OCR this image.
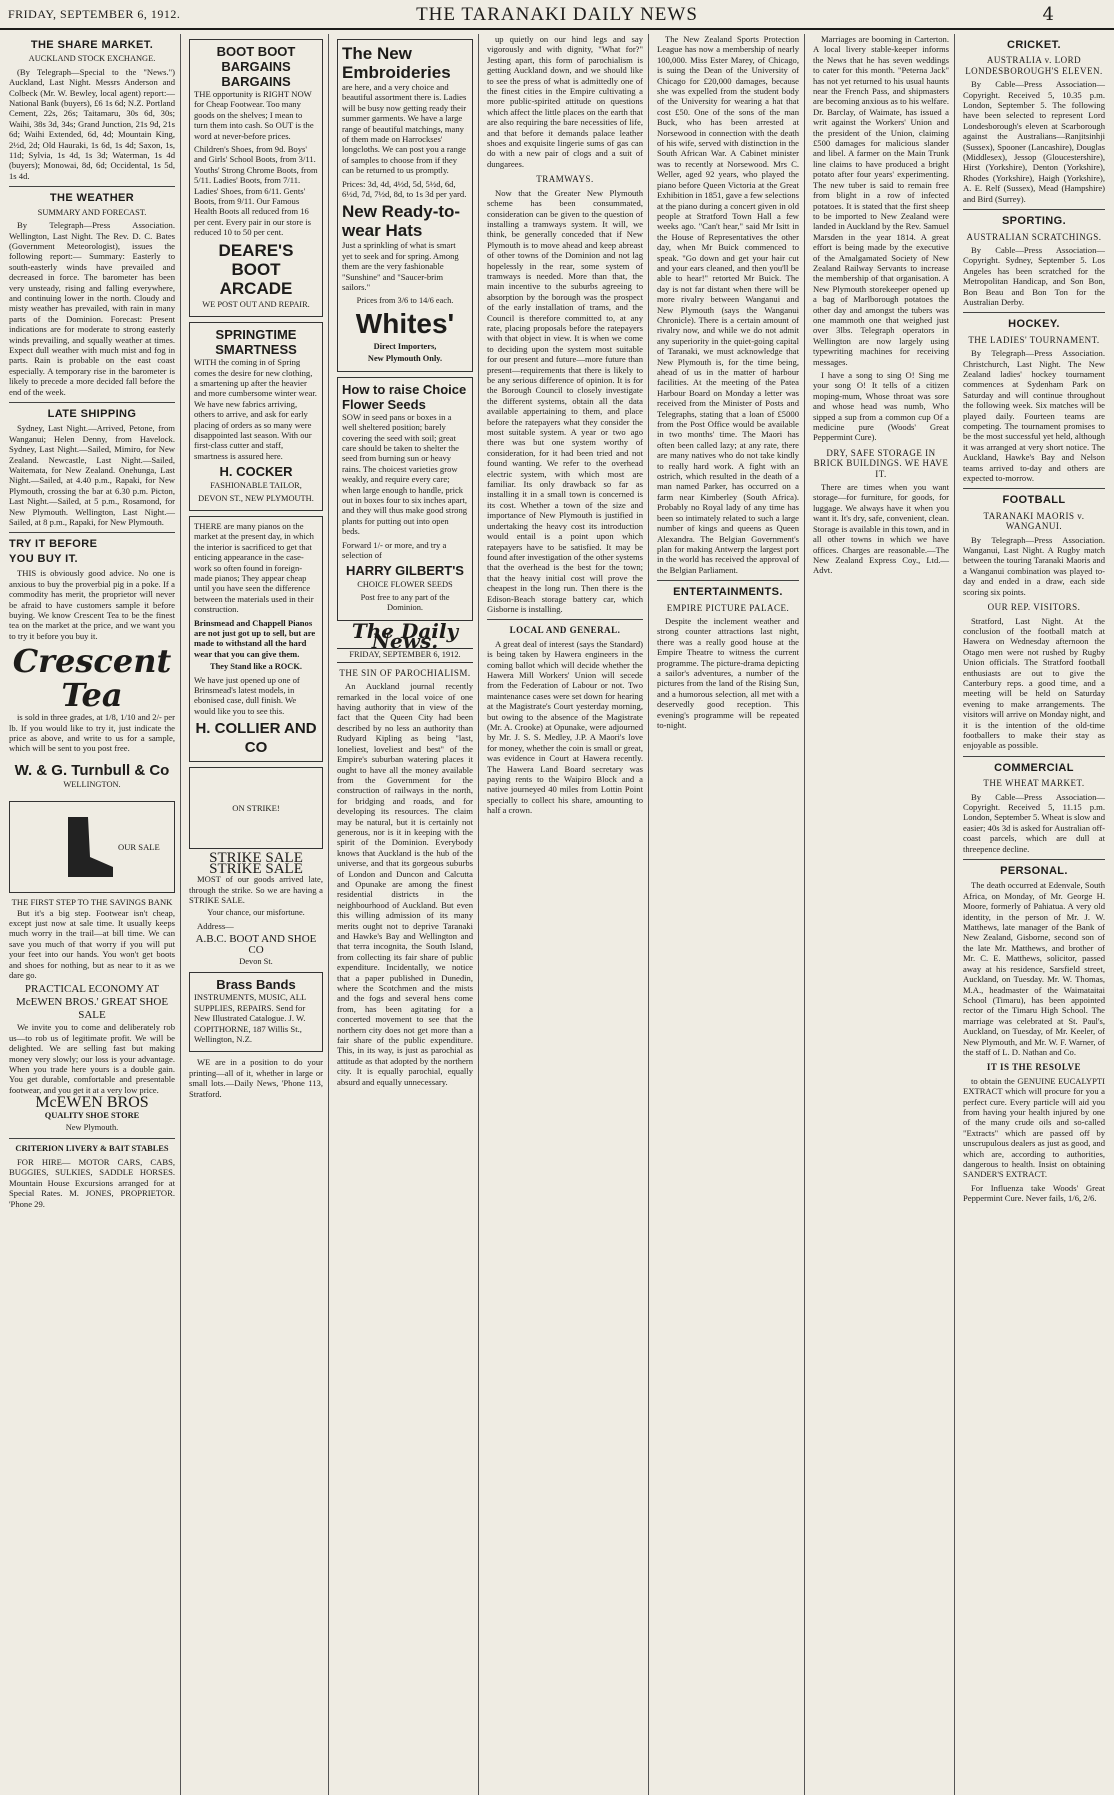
FRIDAY, SEPTEMBER 6, 1912.	THE TARANAKI DAILY NEWS	4
THE SHARE MARKET.
AUCKLAND STOCK EXCHANGE.

(By Telegraph—Special to the "News.") Auckland, Last Night. Messrs Anderson and Colbeck (Mr. W. Bewley, local agent) report:— National Bank (buyers), £6 1s 6d; N.Z. Portland Cement, 22s, 26s; Taitamaru, 30s 6d, 30s; Waihi, 38s 3d, 34s; Grand Junction, 21s 9d, 21s 6d; Waihi Extended, 6d, 4d; Mountain King, 2½d, 2d; Old Hauraki, 1s 6d, 1s 4d; Saxon, 1s, 11d; Sylvia, 1s 4d, 1s 3d; Waterman, 1s 4d (buyers); Monowai, 8d, 6d; Occidental, 1s 5d, 1s 4d.

THE WEATHER
SUMMARY AND FORECAST.

By Telegraph—Press Association. Wellington, Last Night. The Rev. D. C. Bates (Government Meteorologist), issues the following report:— Summary: Easterly to south-easterly winds have prevailed and decreased in force. The barometer has been very unsteady, rising and falling everywhere, and continuing lower in the north. Cloudy and misty weather has prevailed, with rain in many parts of the Dominion. Forecast: Present indications are for moderate to strong easterly winds prevailing, and squally weather at times. Expect dull weather with much mist and fog in parts. Rain is probable on the east coast especially. A temporary rise in the barometer is likely to precede a more decided fall before the end of the week.

LATE SHIPPING

Sydney, Last Night.—Arrived, Petone, from Wanganui; Helen Denny, from Havelock. Sydney, Last Night.—Sailed, Mimiro, for New Zealand. Newcastle, Last Night.—Sailed, Waitemata, for New Zealand. Onehunga, Last Night.—Sailed, at 4.40 p.m., Rapaki, for New Plymouth, crossing the bar at 6.30 p.m. Picton, Last Night.—Sailed, at 5 p.m., Rosamond, for New Plymouth. Wellington, Last Night.—Sailed, at 8 p.m., Rapaki, for New Plymouth.

TRY IT BEFORE
YOU BUY IT.

THIS is obviously good advice. No one is anxious to buy the proverbial pig in a poke. If a commodity has merit, the proprietor will never be afraid to have customers sample it before buying. We know Crescent Tea to be the finest tea on the market at the price, and we want you to try it before you buy it.

Crescent Tea

is sold in three grades, at 1/8, 1/10 and 2/- per lb. If you would like to try it, just indicate the price as above, and write to us for a sample, which will be sent to you post free.

W. & G. Turnbull & Co
WELLINGTON.
OUR SALE
THE FIRST STEP TO THE SAVINGS BANK

But it's a big step. Footwear isn't cheap, except just now at sale time. It usually keeps much worry in the trail—at bill time. We can save you much of that worry if you will put your feet into our hands. You won't get boots and shoes for nothing, but as near to it as we dare go.

PRACTICAL ECONOMY AT McEWEN BROS.' GREAT SHOE SALE

We invite you to come and deliberately rob us—to rob us of legitimate profit. We will be delighted. We are selling fast but making money very slowly; our loss is your advantage. When you trade here yours is a double gain. You get durable, comfortable and presentable footwear, and you get it at a very low price.

McEWEN BROS
QUALITY SHOE STORE
New Plymouth.
CRITERION LIVERY & BAIT STABLES

FOR HIRE— MOTOR CARS, CABS, BUGGIES, SULKIES, SADDLE HORSES. Mountain House Excursions arranged for at Special Rates. M. JONES, PROPRIETOR. 'Phone 29.

BOOT BOOT BARGAINS BARGAINS

THE opportunity is RIGHT NOW for Cheap Footwear. Too many goods on the shelves; I mean to turn them into cash. So OUT is the word at never-before prices.

Children's Shoes, from 9d. Boys' and Girls' School Boots, from 3/11. Youths' Strong Chrome Boots, from 5/11. Ladies' Boots, from 7/11. Ladies' Shoes, from 6/11. Gents' Boots, from 9/11. Our Famous Health Boots all reduced from 16 per cent. Every pair in our store is reduced 10 to 50 per cent.

DEARE'S BOOT ARCADE
WE POST OUT AND REPAIR.
SPRINGTIME SMARTNESS

WITH the coming in of Spring comes the desire for new clothing, a smartening up after the heavier and more cumbersome winter wear. We have new fabrics arriving, others to arrive, and ask for early placing of orders as so many were disappointed last season. With our first-class cutter and staff, smartness is assured here.

H. COCKER
FASHIONABLE TAILOR,
DEVON ST., NEW PLYMOUTH.

THERE are many pianos on the market at the present day, in which the interior is sacrificed to get that enticing appearance in the case-work so often found in foreign-made pianos; They appear cheap until you have seen the difference between the materials used in their construction.

Brinsmead and Chappell Pianos are not just got up to sell, but are made to withstand all the hard wear that you can give them.

They Stand like a ROCK.

We have just opened up one of Brinsmead's latest models, in ebonised case, dull finish. We would like you to see this.

H. COLLIER AND CO
ON STRIKE!
STRIKE SALE STRIKE SALE

MOST of our goods arrived late, through the strike. So we are having a STRIKE SALE.

Your chance, our misfortune.

Address—

A.B.C. BOOT AND SHOE CO
Devon St.
Brass Bands

INSTRUMENTS, MUSIC, ALL SUPPLIES, REPAIRS. Send for New Illustrated Catalogue. J. W. COPITHORNE, 187 Willis St., Wellington, N.Z.

WE are in a position to do your printing—all of it, whether in large or small lots.—Daily News, 'Phone 113, Stratford.

The New Embroideries

are here, and a very choice and beautiful assortment there is. Ladies will be busy now getting ready their summer garments. We have a large range of beautiful matchings, many of them made on Harrockses' longcloths. We can post you a range of samples to choose from if they can be returned to us promptly.

Prices: 3d, 4d, 4½d, 5d, 5½d, 6d, 6½d, 7d, 7½d, 8d, to 1s 3d per yard.

New Ready-to-wear Hats

Just a sprinkling of what is smart yet to seek and for spring. Among them are the very fashionable "Sunshine" and "Saucer-brim sailors."

Prices from 3/6 to 14/6 each.
Whites'
Direct Importers,
New Plymouth Only.
How to raise Choice Flower Seeds

SOW in seed pans or boxes in a well sheltered position; barely covering the seed with soil; great care should be taken to shelter the seed from burning sun or heavy rains. The choicest varieties grow weakly, and require every care; when large enough to handle, prick out in boxes four to six inches apart, and they will thus make good strong plants for putting out into open beds.

Forward 1/- or more, and try a selection of

HARRY GILBERT'S
CHOICE FLOWER SEEDS
Post free to any part of the Dominion.
The Daily News.
FRIDAY, SEPTEMBER 6, 1912.
THE SIN OF PAROCHIALISM.

An Auckland journal recently remarked in the local voice of one having authority that in view of the fact that the Queen City had been described by no less an authority than Rudyard Kipling as being "last, loneliest, loveliest and best" of the Empire's suburban watering places it ought to have all the money available from the Government for the construction of railways in the north, for bridging and roads, and for developing its resources. The claim may be natural, but it is certainly not generous, nor is it in keeping with the spirit of the Dominion. Everybody knows that Auckland is the hub of the universe, and that its gorgeous suburbs of London and Duncon and Calcutta and Opunake are among the finest residential districts in the neighbourhood of Auckland. But even this willing admission of its many merits ought not to deprive Taranaki and Hawke's Bay and Wellington and that terra incognita, the South Island, from collecting its fair share of public expenditure. Incidentally, we notice that a paper published in Dunedin, where the Scotchmen and the mists and the fogs and several hens come from, has been agitating for a concerted movement to see that the northern city does not get more than a fair share of the public expenditure. This, in its way, is just as parochial as attitude as that adopted by the northern city. It is equally parochial, equally absurd and equally unnecessary.

up quietly on our hind legs and say vigorously and with dignity, "What for?" Jesting apart, this form of parochialism is getting Auckland down, and we should like to see the press of what is admittedly one of the finest cities in the Empire cultivating a more public-spirited attitude on questions which affect the little places on the earth that are also requiring the bare necessities of life, and that before it demands palace leather shoes and exquisite lingerie sums of gas can do with a new pair of clogs and a suit of dungarees.

TRAMWAYS.

Now that the Greater New Plymouth scheme has been consummated, consideration can be given to the question of installing a tramways system. It will, we think, be generally conceded that if New Plymouth is to move ahead and keep abreast of other towns of the Dominion and not lag hopelessly in the rear, some system of tramways is needed. More than that, the main incentive to the suburbs agreeing to absorption by the borough was the prospect of the early installation of trams, and the Council is therefore committed to, at any rate, placing proposals before the ratepayers with that object in view. It is when we come to deciding upon the system most suitable for our present and future—more future than present—requirements that there is likely to be any serious difference of opinion. It is for the Borough Council to closely investigate the different systems, obtain all the data available appertaining to them, and place before the ratepayers what they consider the most suitable system. A year or two ago there was but one system worthy of consideration, for it had been tried and not found wanting. We refer to the overhead electric system, with which most are familiar. Its only drawback so far as installing it in a small town is concerned is its cost. Whether a town of the size and importance of New Plymouth is justified in undertaking the heavy cost its introduction would entail is a point upon which ratepayers have to be satisfied. It may be found after investigation of the other systems that the overhead is the best for the town; that the heavy initial cost will prove the cheapest in the long run. Then there is the Edison-Beach storage battery car, which Gisborne is installing.

LOCAL AND GENERAL.

A great deal of interest (says the Standard) is being taken by Hawera engineers in the coming ballot which will decide whether the Hawera Mill Workers' Union will secede from the Federation of Labour or not. Two maintenance cases were set down for hearing at the Magistrate's Court yesterday morning, but owing to the absence of the Magistrate (Mr. A. Crooke) at Opunake, were adjourned by Mr. J. S. S. Medley, J.P. A Maori's love for money, whether the coin is small or great, was evidence in Court at Hawera recently. The Hawera Land Board secretary was paying rents to the Waipiro Block and a native journeyed 40 miles from Lottin Point specially to collect his share, amounting to half a crown.

The New Zealand Sports Protection League has now a membership of nearly 100,000. Miss Ester Marey, of Chicago, is suing the Dean of the University of Chicago for £20,000 damages, because she was expelled from the student body of the University for wearing a hat that cost £50. One of the sons of the man Buck, who has been arrested at Norsewood in connection with the death of his wife, served with distinction in the South African War. A Cabinet minister was to recently at Norsewood. Mrs C. Weller, aged 92 years, who played the piano before Queen Victoria at the Great Exhibition in 1851, gave a few selections at the piano during a concert given in old people at Stratford Town Hall a few weeks ago. "Can't hear," said Mr Isitt in the House of Representatives the other day, when Mr Buick commenced to speak. "Go down and get your hair cut and your ears cleaned, and then you'll be able to hear!" retorted Mr Buick. The day is not far distant when there will be more rivalry between Wanganui and New Plymouth (says the Wanganui Chronicle). There is a certain amount of rivalry now, and while we do not admit any superiority in the quiet-going capital of Taranaki, we must acknowledge that New Plymouth is, for the time being, ahead of us in the matter of harbour facilities. At the meeting of the Patea Harbour Board on Monday a letter was received from the Minister of Posts and Telegraphs, stating that a loan of £5000 from the Post Office would be available in two months' time. The Maori has often been called lazy; at any rate, there are many natives who do not take kindly to really hard work. A fight with an ostrich, which resulted in the death of a man named Parker, has occurred on a farm near Kimberley (South Africa). Probably no Royal lady of any time has been so intimately related to such a large number of kings and queens as Queen Alexandra. The Belgian Government's plan for making Antwerp the largest port in the world has received the approval of the Belgian Parliament.

ENTERTAINMENTS.
EMPIRE PICTURE PALACE.

Despite the inclement weather and strong counter attractions last night, there was a really good house at the Empire Theatre to witness the current programme. The picture-drama depicting a sailor's adventures, a number of the pictures from the land of the Rising Sun, and a humorous selection, all met with a deservedly good reception. This evening's programme will be repeated to-night.

Marriages are booming in Carterton. A local livery stable-keeper informs the News that he has seven weddings to cater for this month. "Peterna Jack" has not yet returned to his usual haunts near the French Pass, and shipmasters are becoming anxious as to his welfare. Dr. Barclay, of Waimate, has issued a writ against the Workers' Union and the president of the Union, claiming £500 damages for malicious slander and libel. A farmer on the Main Trunk line claims to have produced a bright potato after four years' experimenting. The new tuber is said to remain free from blight in a row of infected potatoes. It is stated that the first sheep to be imported to New Zealand were landed in Auckland by the Rev. Samuel Marsden in the year 1814. A great effort is being made by the executive of the Amalgamated Society of New Zealand Railway Servants to increase the membership of that organisation. A New Plymouth storekeeper opened up a bag of Marlborough potatoes the other day and amongst the tubers was one mammoth one that weighed just over 3lbs. Telegraph operators in Wellington are now largely using typewriting machines for receiving messages.

I have a song to sing O! Sing me your song O! It tells of a citizen moping-mum, Whose throat was sore and whose head was numb, Who sipped a sup from a common cup Of a medicine pure (Woods' Great Peppermint Cure).

DRY, SAFE STORAGE IN BRICK BUILDINGS. WE HAVE IT.

There are times when you want storage—for furniture, for goods, for luggage. We always have it when you want it. It's dry, safe, convenient, clean. Storage is available in this town, and in all other towns in which we have offices. Charges are reasonable.—The New Zealand Express Coy., Ltd.—Advt.

CRICKET.
AUSTRALIA v. LORD LONDESBOROUGH'S ELEVEN.

By Cable—Press Association—Copyright. Received 5, 10.35 p.m. London, September 5. The following have been selected to represent Lord Londesborough's eleven at Scarborough against the Australians—Ranjitsinhji (Sussex), Spooner (Lancashire), Douglas (Middlesex), Jessop (Gloucestershire), Hirst (Yorkshire), Denton (Yorkshire), Rhodes (Yorkshire), Haigh (Yorkshire), A. E. Relf (Sussex), Mead (Hampshire) and Bird (Surrey).

SPORTING.
AUSTRALIAN SCRATCHINGS.

By Cable—Press Association—Copyright. Sydney, September 5. Los Angeles has been scratched for the Metropolitan Handicap, and Son Bon, Bon Beau and Bon Ton for the Australian Derby.

HOCKEY.
THE LADIES' TOURNAMENT.

By Telegraph—Press Association. Christchurch, Last Night. The New Zealand ladies' hockey tournament commences at Sydenham Park on Saturday and will continue throughout the following week. Six matches will be played daily. Fourteen teams are competing. The tournament promises to be the most successful yet held, although it was arranged at very short notice. The Auckland, Hawke's Bay and Nelson teams arrived to-day and others are expected to-morrow.

FOOTBALL
TARANAKI MAORIS v. WANGANUI.

By Telegraph—Press Association. Wanganui, Last Night. A Rugby match between the touring Taranaki Maoris and a Wanganui combination was played to-day and ended in a draw, each side scoring six points.

OUR REP. VISITORS.

Stratford, Last Night. At the conclusion of the football match at Hawera on Wednesday afternoon the Otago men were not rushed by Rugby Union officials. The Stratford football enthusiasts are out to give the Canterbury reps. a good time, and a meeting will be held on Saturday evening to make arrangements. The visitors will arrive on Monday night, and it is the intention of the old-time footballers to make their stay as enjoyable as possible.

COMMERCIAL
THE WHEAT MARKET.

By Cable—Press Association—Copyright. Received 5, 11.15 p.m. London, September 5. Wheat is slow and easier; 40s 3d is asked for Australian off-coast parcels, which are dull at threepence decline.

PERSONAL.

The death occurred at Edenvale, South Africa, on Monday, of Mr. George H. Moore, formerly of Pahiatua. A very old identity, in the person of Mr. J. W. Matthews, late manager of the Bank of New Zealand, Gisborne, second son of the late Mr. Matthews, and brother of Mr. C. E. Matthews, solicitor, passed away at his residence, Sarsfield street, Auckland, on Tuesday. Mr. W. Thomas, M.A., headmaster of the Waimataitai School (Timaru), has been appointed rector of the Timaru High School. The marriage was celebrated at St. Paul's, Auckland, on Tuesday, of Mr. Keeler, of New Plymouth, and Mr. W. F. Warner, of the staff of L. D. Nathan and Co.

IT IS THE RESOLVE

to obtain the GENUINE EUCALYPTI EXTRACT which will procure for you a perfect cure. Every particle will aid you from having your health injured by one of the many crude oils and so-called "Extracts" which are passed off by unscrupulous dealers as just as good, and which are, according to authorities, dangerous to health. Insist on obtaining SANDER'S EXTRACT.

For Influenza take Woods' Great Peppermint Cure. Never fails, 1/6, 2/6.
